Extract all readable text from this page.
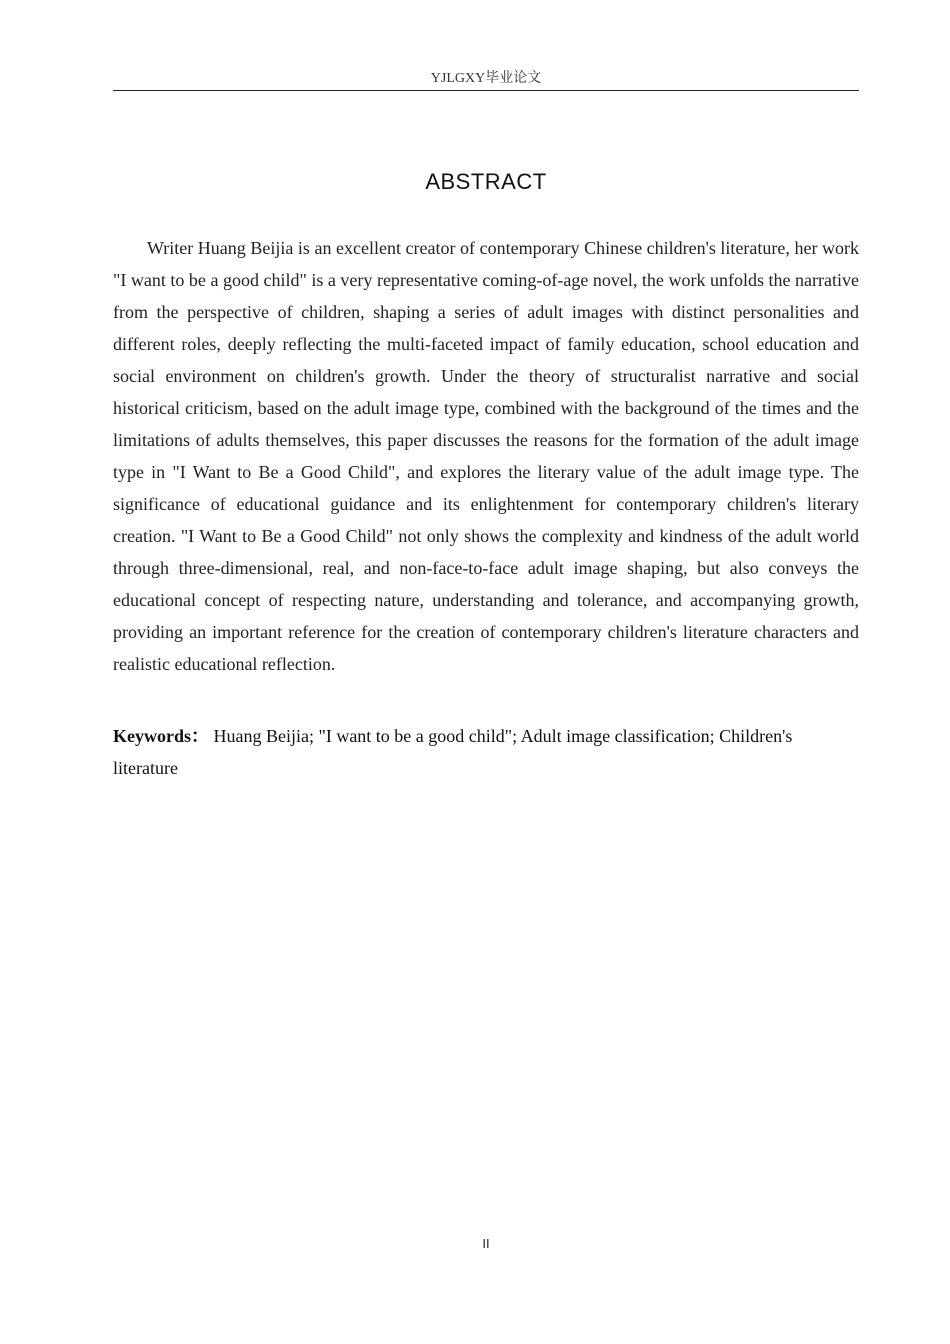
YJLGXY毕业论文
ABSTRACT

Writer Huang Beijia is an excellent creator of contemporary Chinese children's literature, her work "I want to be a good child" is a very representative coming-of-age novel, the work unfolds the narrative from the perspective of children, shaping a series of adult images with distinct personalities and different roles, deeply reflecting the multi-faceted impact of family education, school education and social environment on children's growth. Under the theory of structuralist narrative and social historical criticism, based on the adult image type, combined with the background of the times and the limitations of adults themselves, this paper discusses the reasons for the formation of the adult image type in "I Want to Be a Good Child", and explores the literary value of the adult image type. The significance of educational guidance and its enlightenment for contemporary children's literary creation. "I Want to Be a Good Child" not only shows the complexity and kindness of the adult world through three-dimensional, real, and non-face-to-face adult image shaping, but also conveys the educational concept of respecting nature, understanding and tolerance, and accompanying growth, providing an important reference for the creation of contemporary children's literature characters and realistic educational reflection.

Keywords： Huang Beijia; "I want to be a good child"; Adult image classification; Children's literature

II
